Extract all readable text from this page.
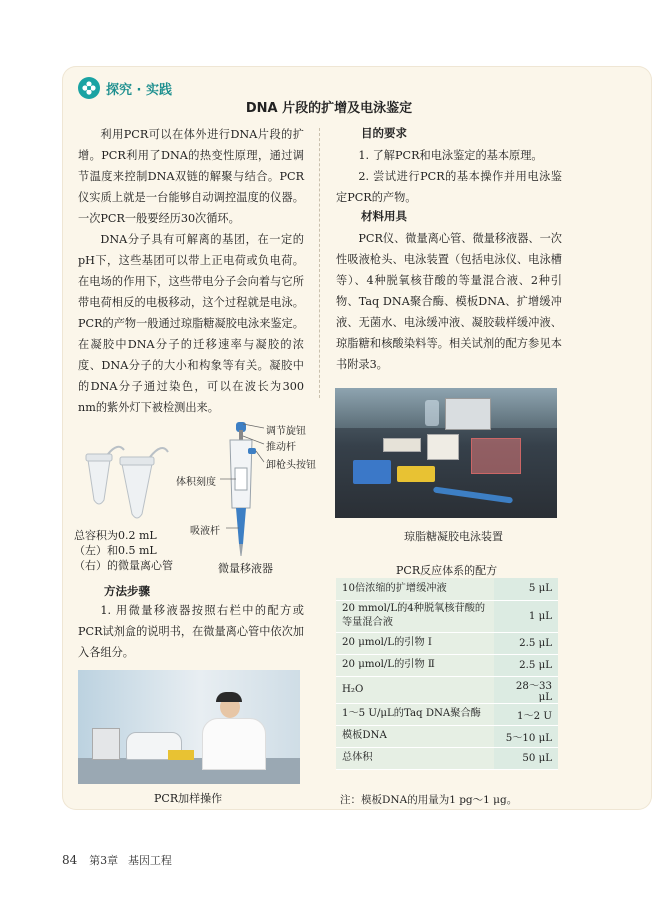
探究 · 实践
DNA 片段的扩增及电泳鉴定

利用PCR可以在体外进行DNA片段的扩增。PCR利用了DNA的热变性原理，通过调节温度来控制DNA双链的解聚与结合。PCR仪实质上就是一台能够自动调控温度的仪器。一次PCR一般要经历30次循环。

DNA分子具有可解离的基团，在一定的pH下，这些基团可以带上正电荷或负电荷。在电场的作用下，这些带电分子会向着与它所带电荷相反的电极移动，这个过程就是电泳。PCR的产物一般通过琼脂糖凝胶电泳来鉴定。在凝胶中DNA分子的迁移速率与凝胶的浓度、DNA分子的大小和构象等有关。凝胶中的DNA分子通过染色，可以在波长为300 nm的紫外灯下被检测出来。

目的要求

1. 了解PCR和电泳鉴定的基本原理。

2. 尝试进行PCR的基本操作并用电泳鉴定PCR的产物。

材料用具

PCR仪、微量离心管、微量移液器、一次性吸液枪头、电泳装置（包括电泳仪、电泳槽等）、4种脱氧核苷酸的等量混合液、2种引物、Taq DNA聚合酶、模板DNA、扩增缓冲液、无菌水、电泳缓冲液、凝胶载样缓冲液、琼脂糖和核酸染料等。相关试剂的配方参见本书附录3。

总容积为0.2 mL（左）和0.5 mL（右）的微量离心管
调节旋钮
推动杆
卸枪头按钮
体积刻度
吸液杆
微量移液器
琼脂糖凝胶电泳装置
方法步骤

1. 用微量移液器按照右栏中的配方或PCR试剂盒的说明书，在微量离心管中依次加入各组分。

PCR加样操作
PCR反应体系的配方
10倍浓缩的扩增缓冲液	5 μL
20 mmol/L的4种脱氧核苷酸的等量混合液	1 μL
20 μmol/L的引物 Ⅰ	2.5 μL
20 μmol/L的引物 Ⅱ	2.5 μL
H₂O	28～33 μL
1～5 U/μL的Taq DNA聚合酶	1～2 U
模板DNA	5～10 μL
总体积	50 μL
注：模板DNA的用量为1 pg～1 μg。
84 第3章 基因工程
